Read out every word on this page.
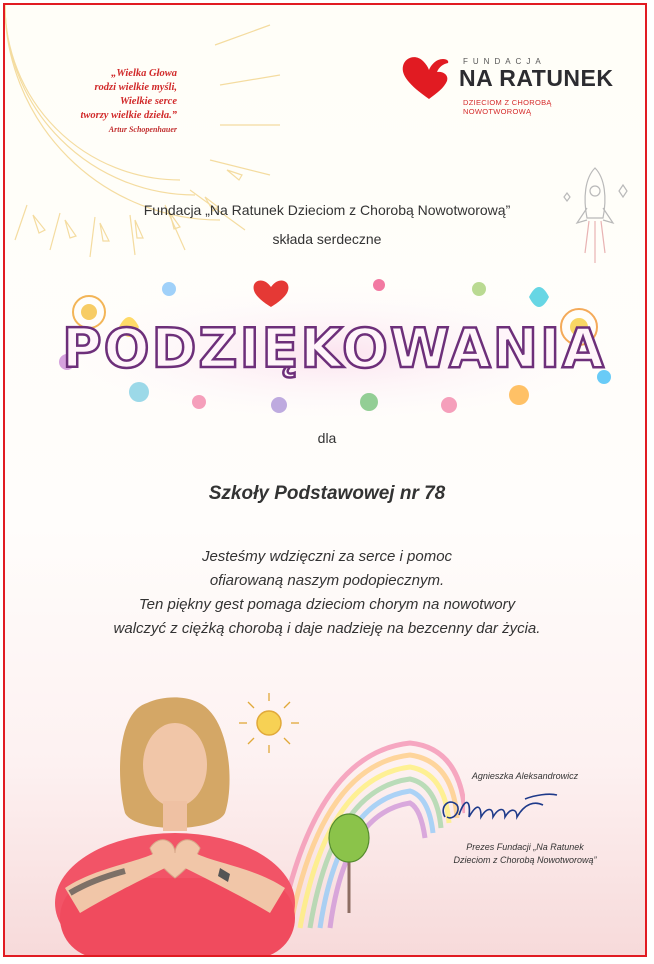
„Wielka Głowa
rodzi wielkie myśli,
Wielkie serce
tworzy wielkie dzieła.”
Artur Schopenhauer
FUNDACJA
NA RATUNEK
DZIECIOM Z CHOROBĄ NOWOTWOROWĄ
Fundacja „Na Ratunek Dzieciom z Chorobą Nowotworową”
składa serdeczne
PODZIĘKOWANIA
dla
Szkoły Podstawowej nr 78
Jesteśmy wdzięczni za serce i pomoc
ofiarowaną naszym podopiecznym.
Ten piękny gest pomaga dzieciom chorym na nowotwory
walczyć z ciężką chorobą i daje nadzieję na bezcenny dar życia.
Agnieszka Aleksandrowicz
Prezes Fundacji „Na Ratunek
Dzieciom z Chorobą Nowotworową”
